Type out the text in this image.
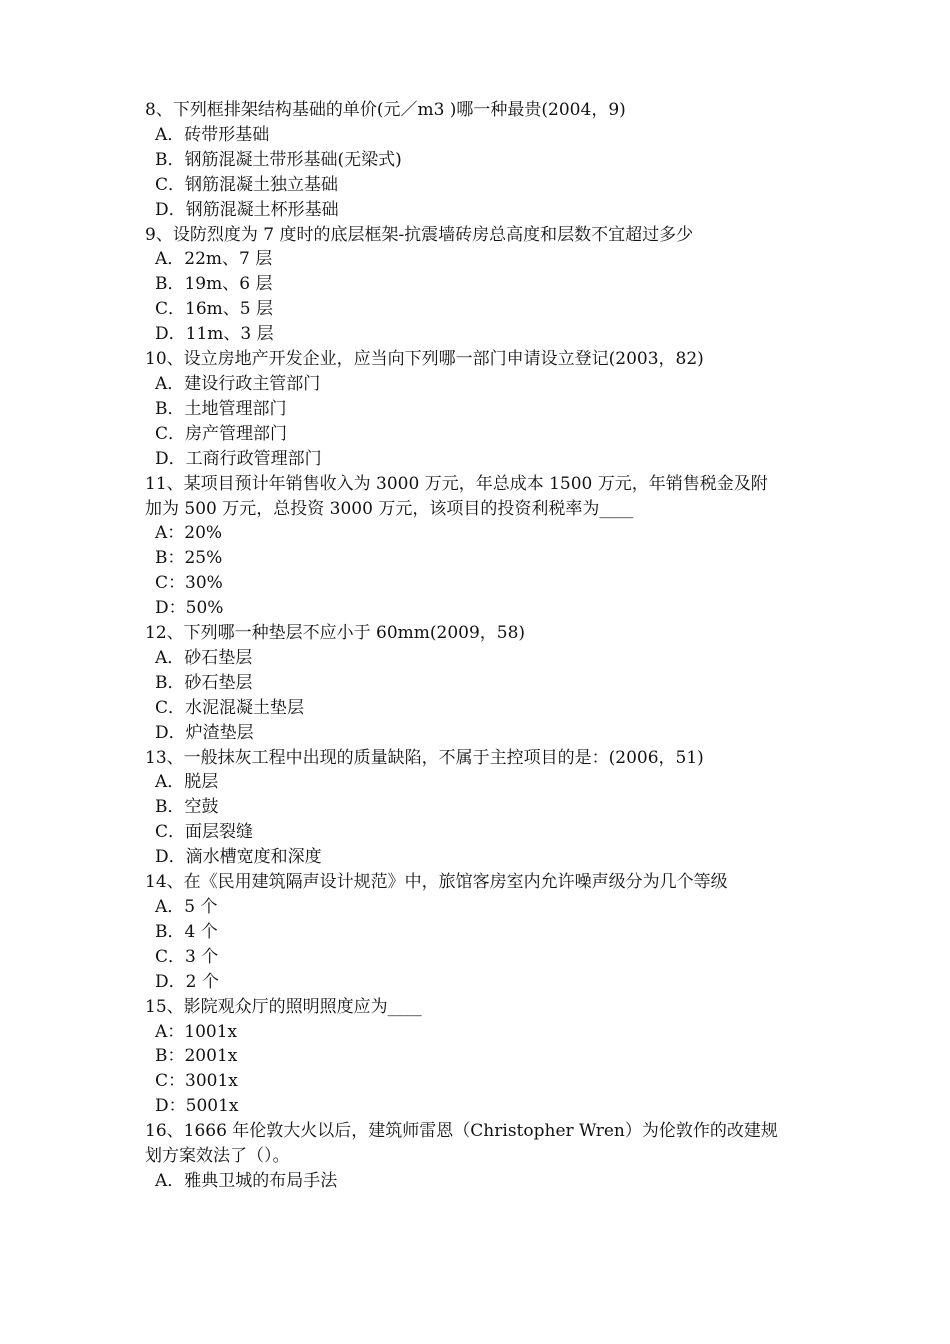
8、下列框排架结构基础的单价(元／m3 )哪一种最贵(2004，9)
A．砖带形基础
B．钢筋混凝土带形基础(无梁式)
C．钢筋混凝土独立基础
D．钢筋混凝土杯形基础
9、设防烈度为 7 度时的底层框架-抗震墙砖房总高度和层数不宜超过多少
A．22m、7 层
B．19m、6 层
C．16m、5 层
D．11m、3 层
10、设立房地产开发企业，应当向下列哪一部门申请设立登记(2003，82)
A．建设行政主管部门
B．土地管理部门
C．房产管理部门
D．工商行政管理部门
11、某项目预计年销售收入为 3000 万元，年总成本 1500 万元，年销售税金及附
加为 500 万元，总投资 3000 万元，该项目的投资利税率为____
A：20%
B：25%
C：30%
D：50%
12、下列哪一种垫层不应小于 60mm(2009，58)
A．砂石垫层
B．砂石垫层
C．水泥混凝土垫层
D．炉渣垫层
13、一般抹灰工程中出现的质量缺陷，不属于主控项目的是：(2006，51)
A．脱层
B．空鼓
C．面层裂缝
D．滴水槽宽度和深度
14、在《民用建筑隔声设计规范》中，旅馆客房室内允许噪声级分为几个等级
A．5 个
B．4 个
C．3 个
D．2 个
15、影院观众厅的照明照度应为____
A：1001x
B：2001x
C：3001x
D：5001x
16、1666 年伦敦大火以后，建筑师雷恩（Christopher Wren）为伦敦作的改建规
划方案效法了（）。
A．雅典卫城的布局手法
